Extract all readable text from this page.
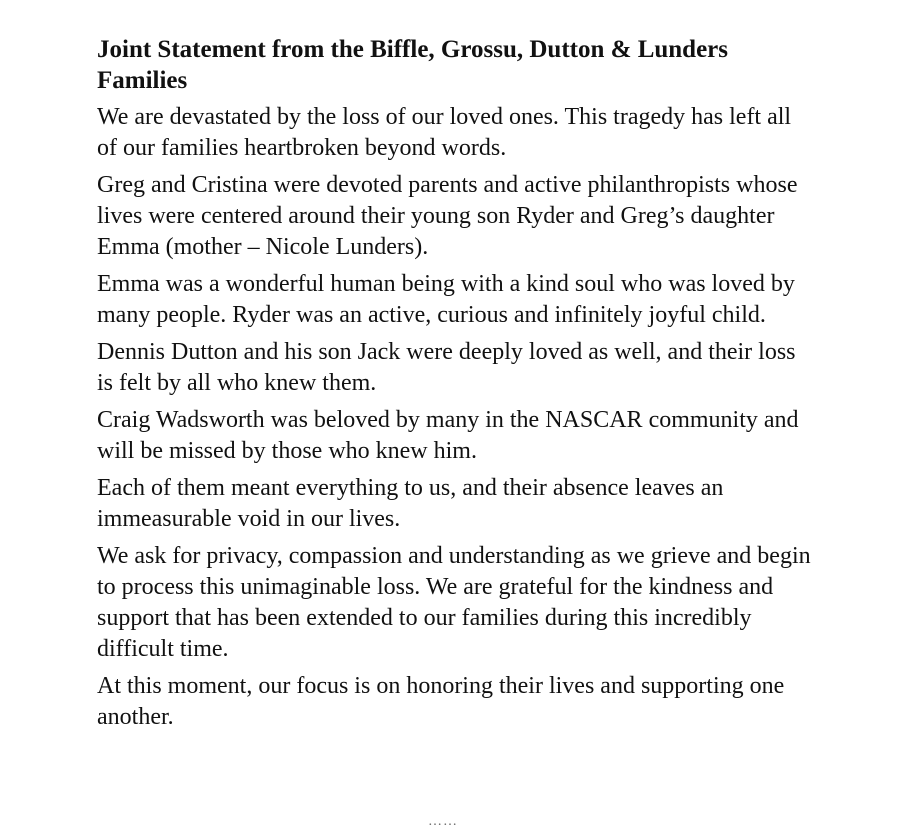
Joint Statement from the Biffle, Grossu, Dutton & Lunders Families

We are devastated by the loss of our loved ones. This tragedy has left all of our families heartbroken beyond words.

Greg and Cristina were devoted parents and active philanthropists whose lives were centered around their young son Ryder and Greg’s daughter Emma (mother – Nicole Lunders).

Emma was a wonderful human being with a kind soul who was loved by many people. Ryder was an active, curious and infinitely joyful child.

Dennis Dutton and his son Jack were deeply loved as well, and their loss is felt by all who knew them.

Craig Wadsworth was beloved by many in the NASCAR community and will be missed by those who knew him.

Each of them meant everything to us, and their absence leaves an immeasurable void in our lives.

We ask for privacy, compassion and understanding as we grieve and begin to process this unimaginable loss. We are grateful for the kindness and support that has been extended to our families during this incredibly difficult time.

At this moment, our focus is on honoring their lives and supporting one another.

……
